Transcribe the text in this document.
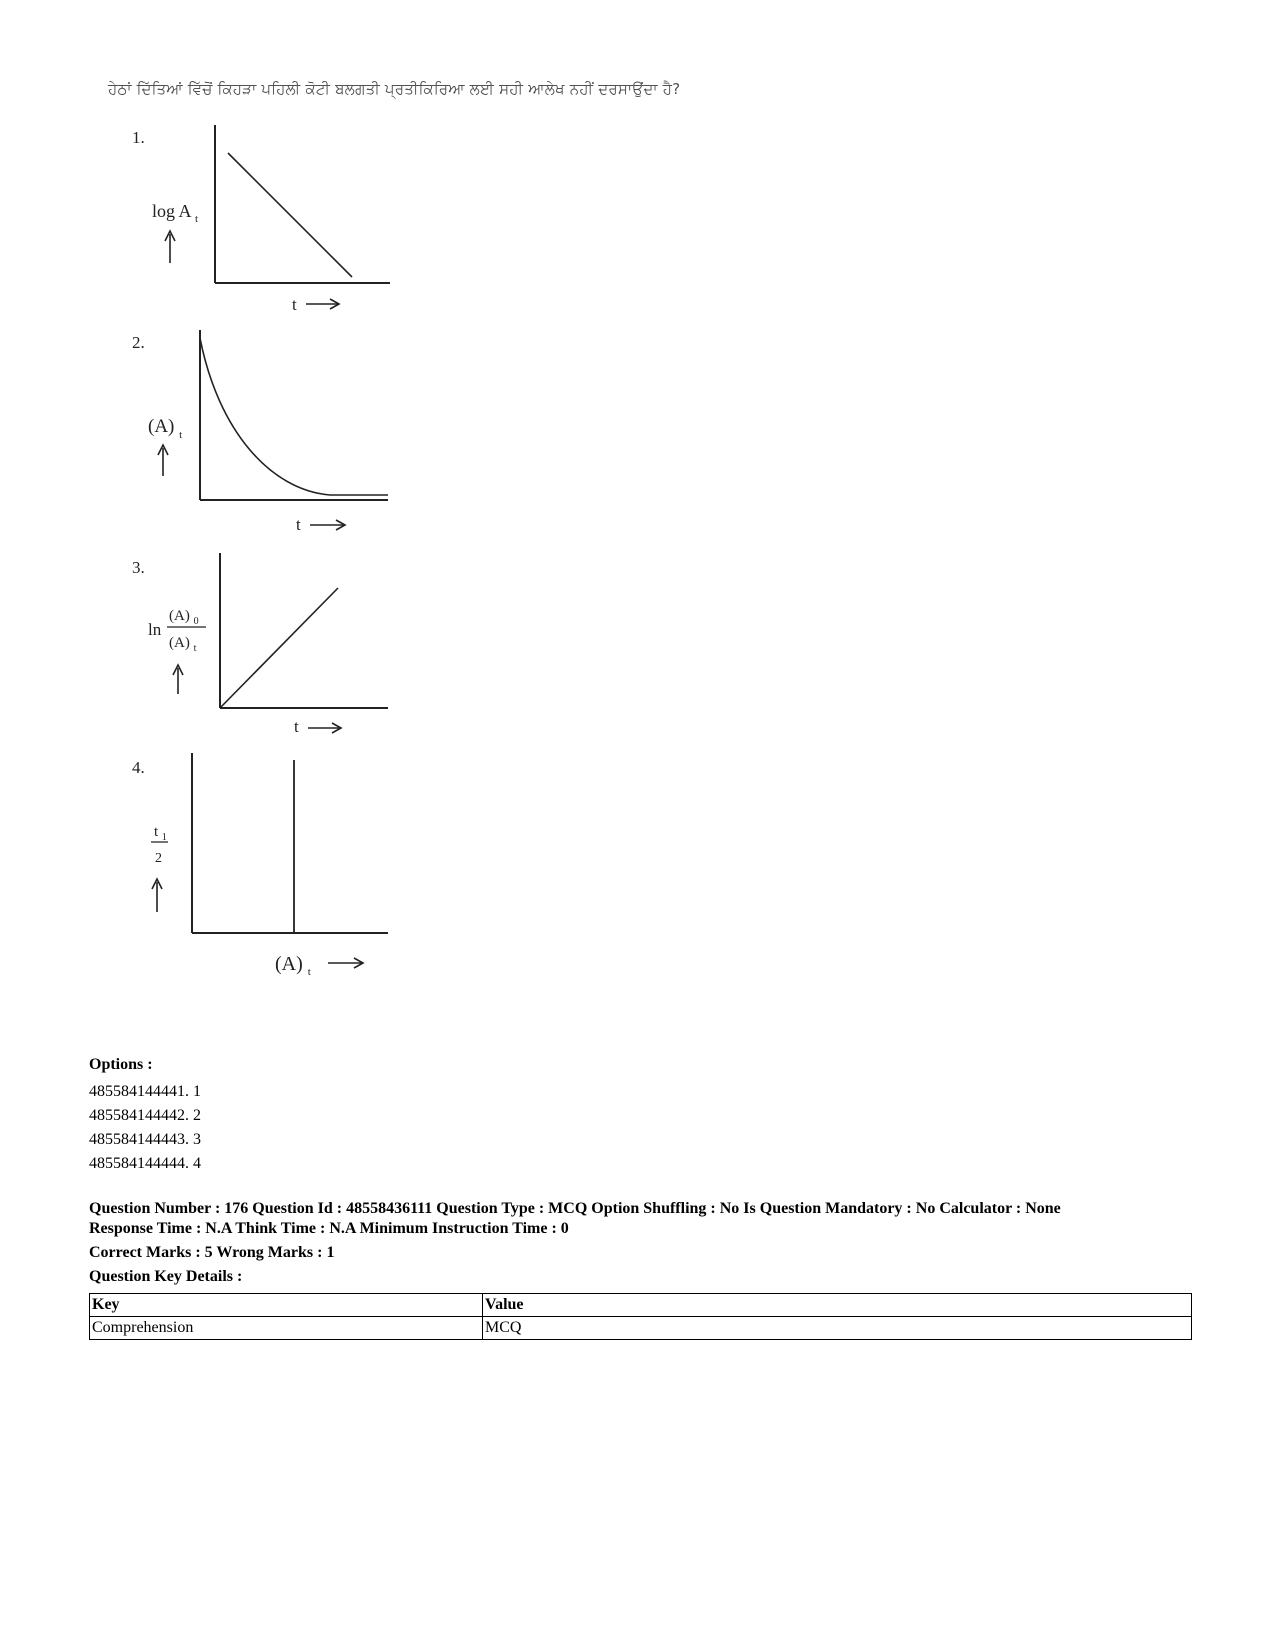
ਹੇਠਾਂ ਦਿੱਤਿਆਂ ਵਿੱਚੋਂ ਕਿਹੜਾ ਪਹਿਲੀ ਕੋਟੀ ਬਲਗਤੀ ਪ੍ਰਤੀਕਿਰਿਆ ਲਈ ਸਹੀ ਆਲੇਖ ਨਹੀਂ ਦਰਸਾਉਂਦਾ ਹੈ?
1.
log A $_t$
t
2.
(A) $_t$
t
3.
ln
(A) $_0$
(A) $_t$
t
4.
t $_1$
2
(A) $_t$
Options :
485584144441. 1
485584144442. 2
485584144443. 3
485584144444. 4
Question Number : 176 Question Id : 48558436111 Question Type : MCQ Option Shuffling : No Is Question Mandatory : No Calculator : None
Response Time : N.A Think Time : N.A Minimum Instruction Time : 0
Correct Marks : 5 Wrong Marks : 1
Question Key Details :
Key	Value
Comprehension	MCQ
